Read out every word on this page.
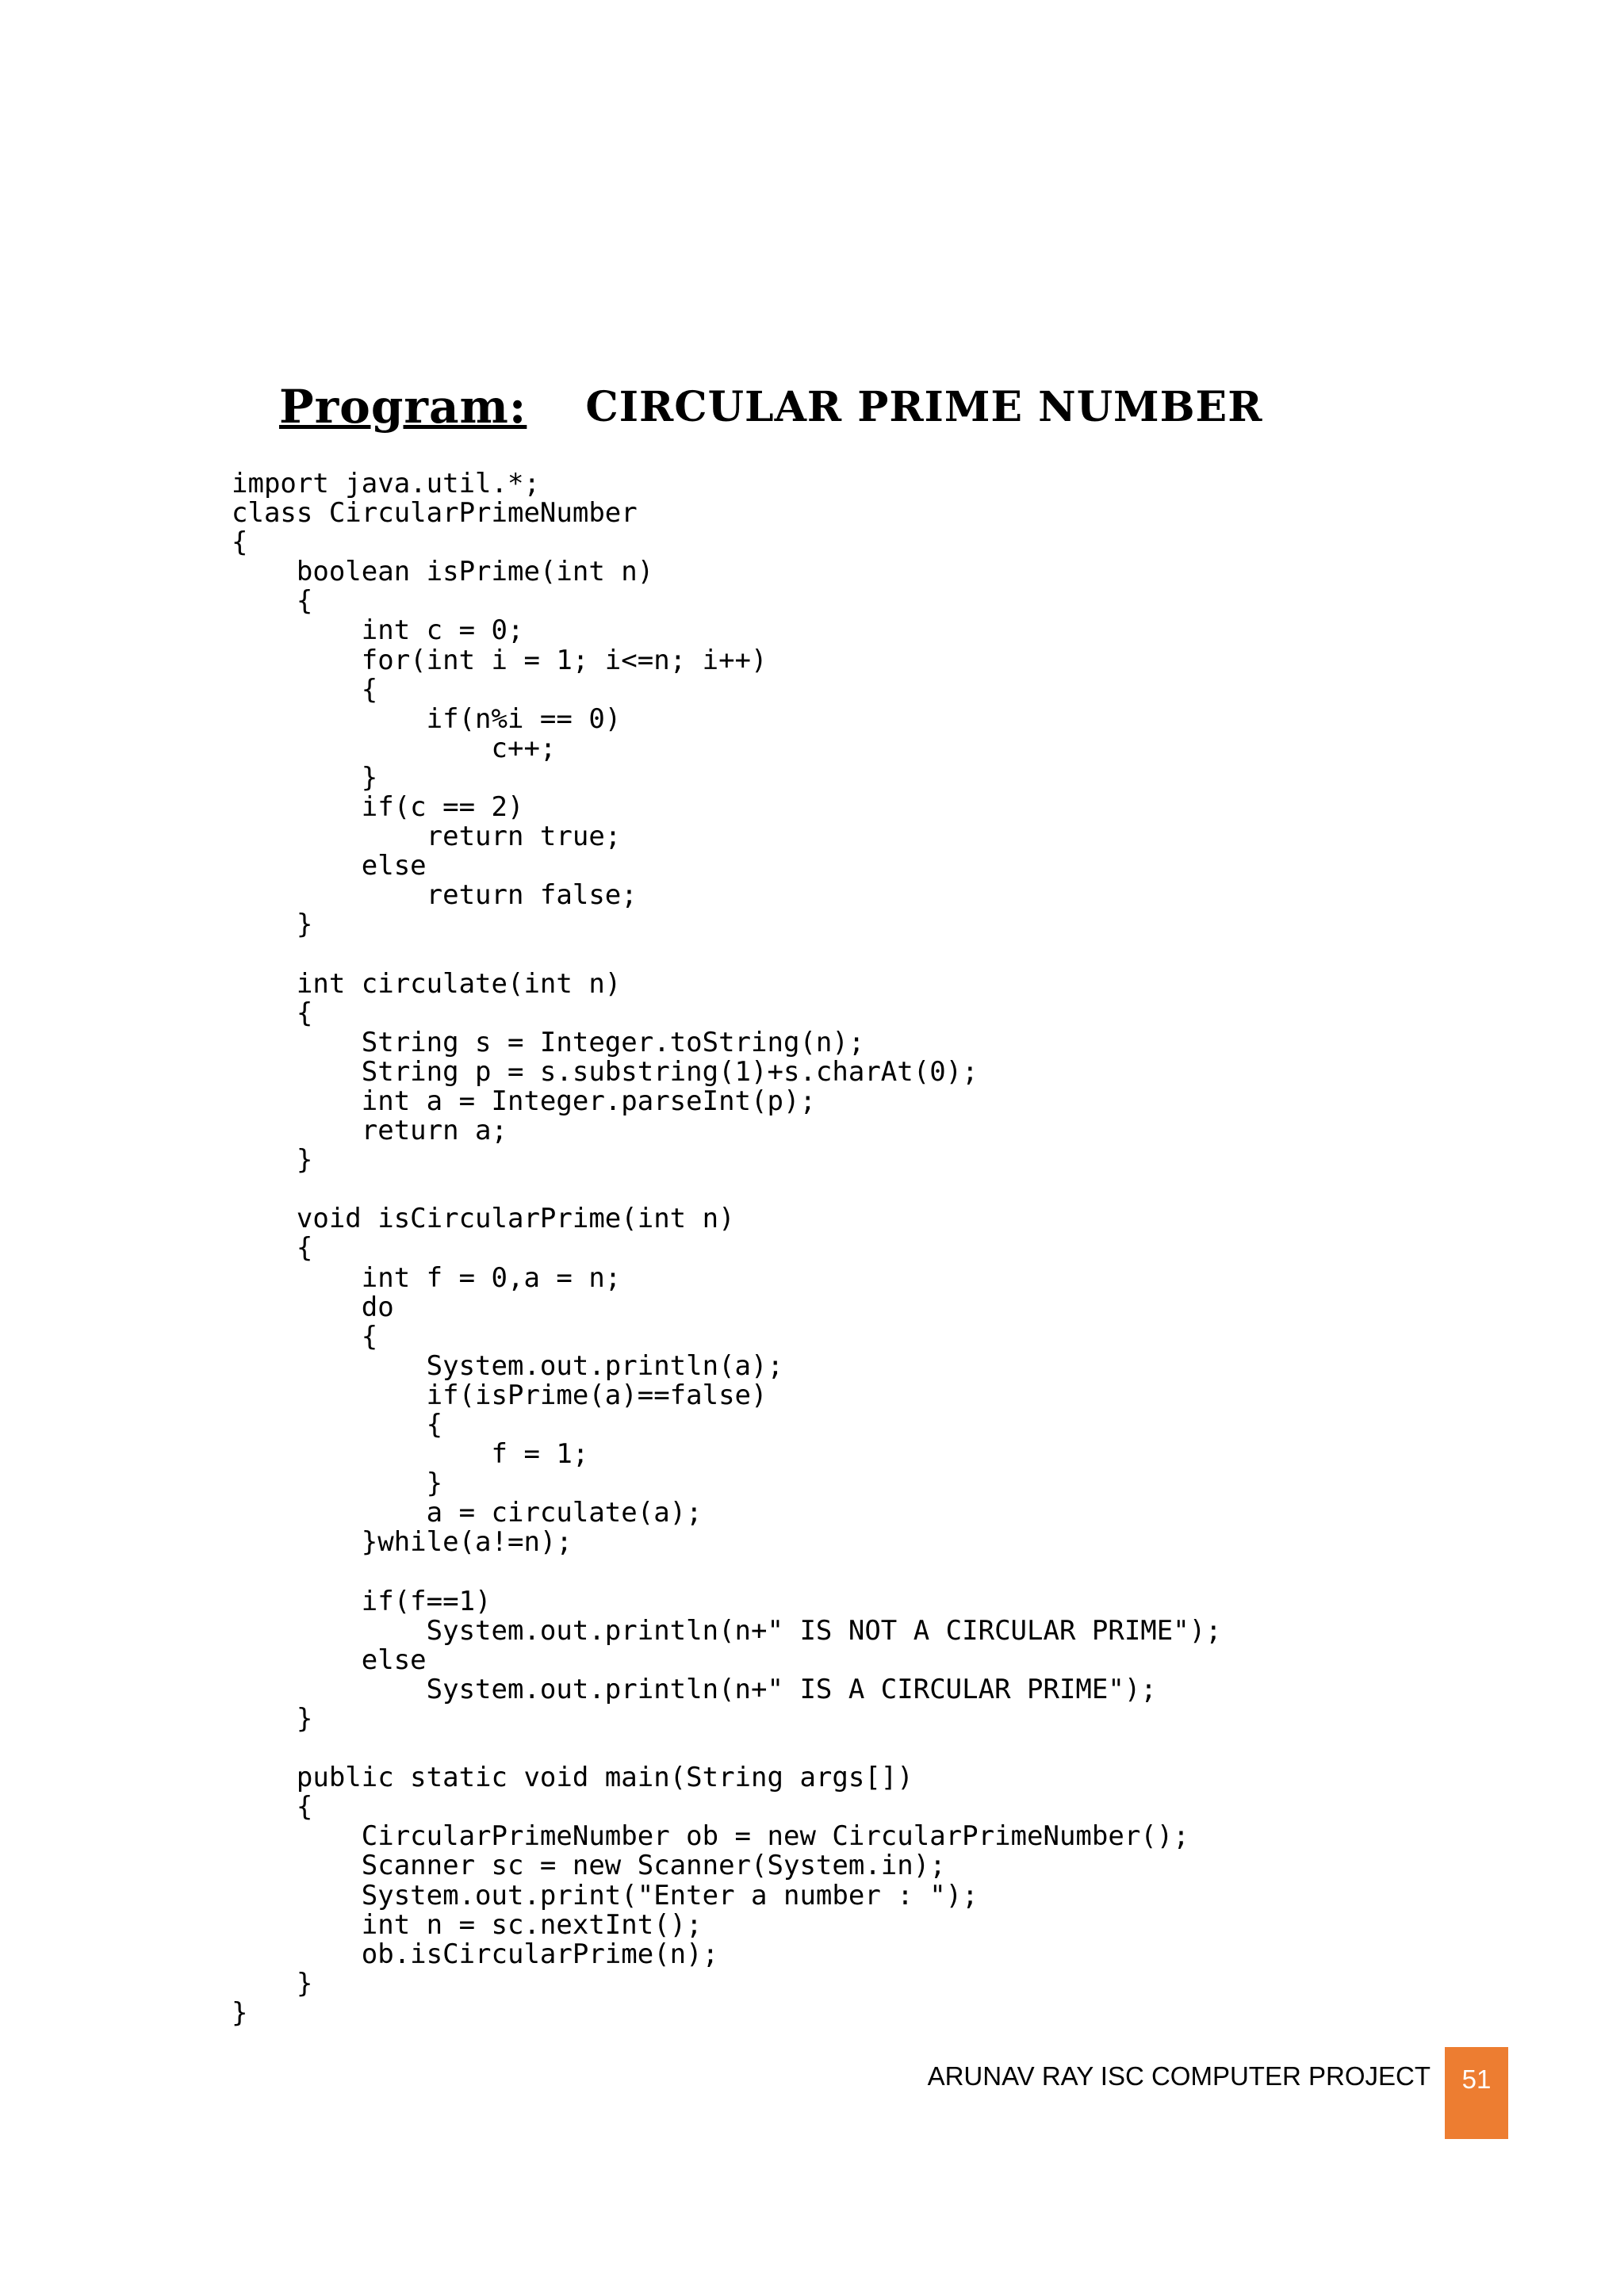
Program: CIRCULAR PRIME NUMBER
import java.util.*;
class CircularPrimeNumber
{
boolean isPrime(int n)
{
int c = 0;
for(int i = 1; i<=n; i++)
{
if(n%i == 0)
c++;
}
if(c == 2)
return true;
else
return false;
}
int circulate(int n)
{
String s = Integer.toString(n);
String p = s.substring(1)+s.charAt(0);
int a = Integer.parseInt(p);
return a;
}
void isCircularPrime(int n)
{
int f = 0,a = n;
do
{
System.out.println(a);
if(isPrime(a)==false)
{
f = 1;
}
a = circulate(a);
}while(a!=n);
if(f==1)
System.out.println(n+" IS NOT A CIRCULAR PRIME");
else
System.out.println(n+" IS A CIRCULAR PRIME");
}
public static void main(String args[])
{
CircularPrimeNumber ob = new CircularPrimeNumber();
Scanner sc = new Scanner(System.in);
System.out.print("Enter a number : ");
int n = sc.nextInt();
ob.isCircularPrime(n);
}
}
ARUNAV RAY ISC COMPUTER PROJECT	51
